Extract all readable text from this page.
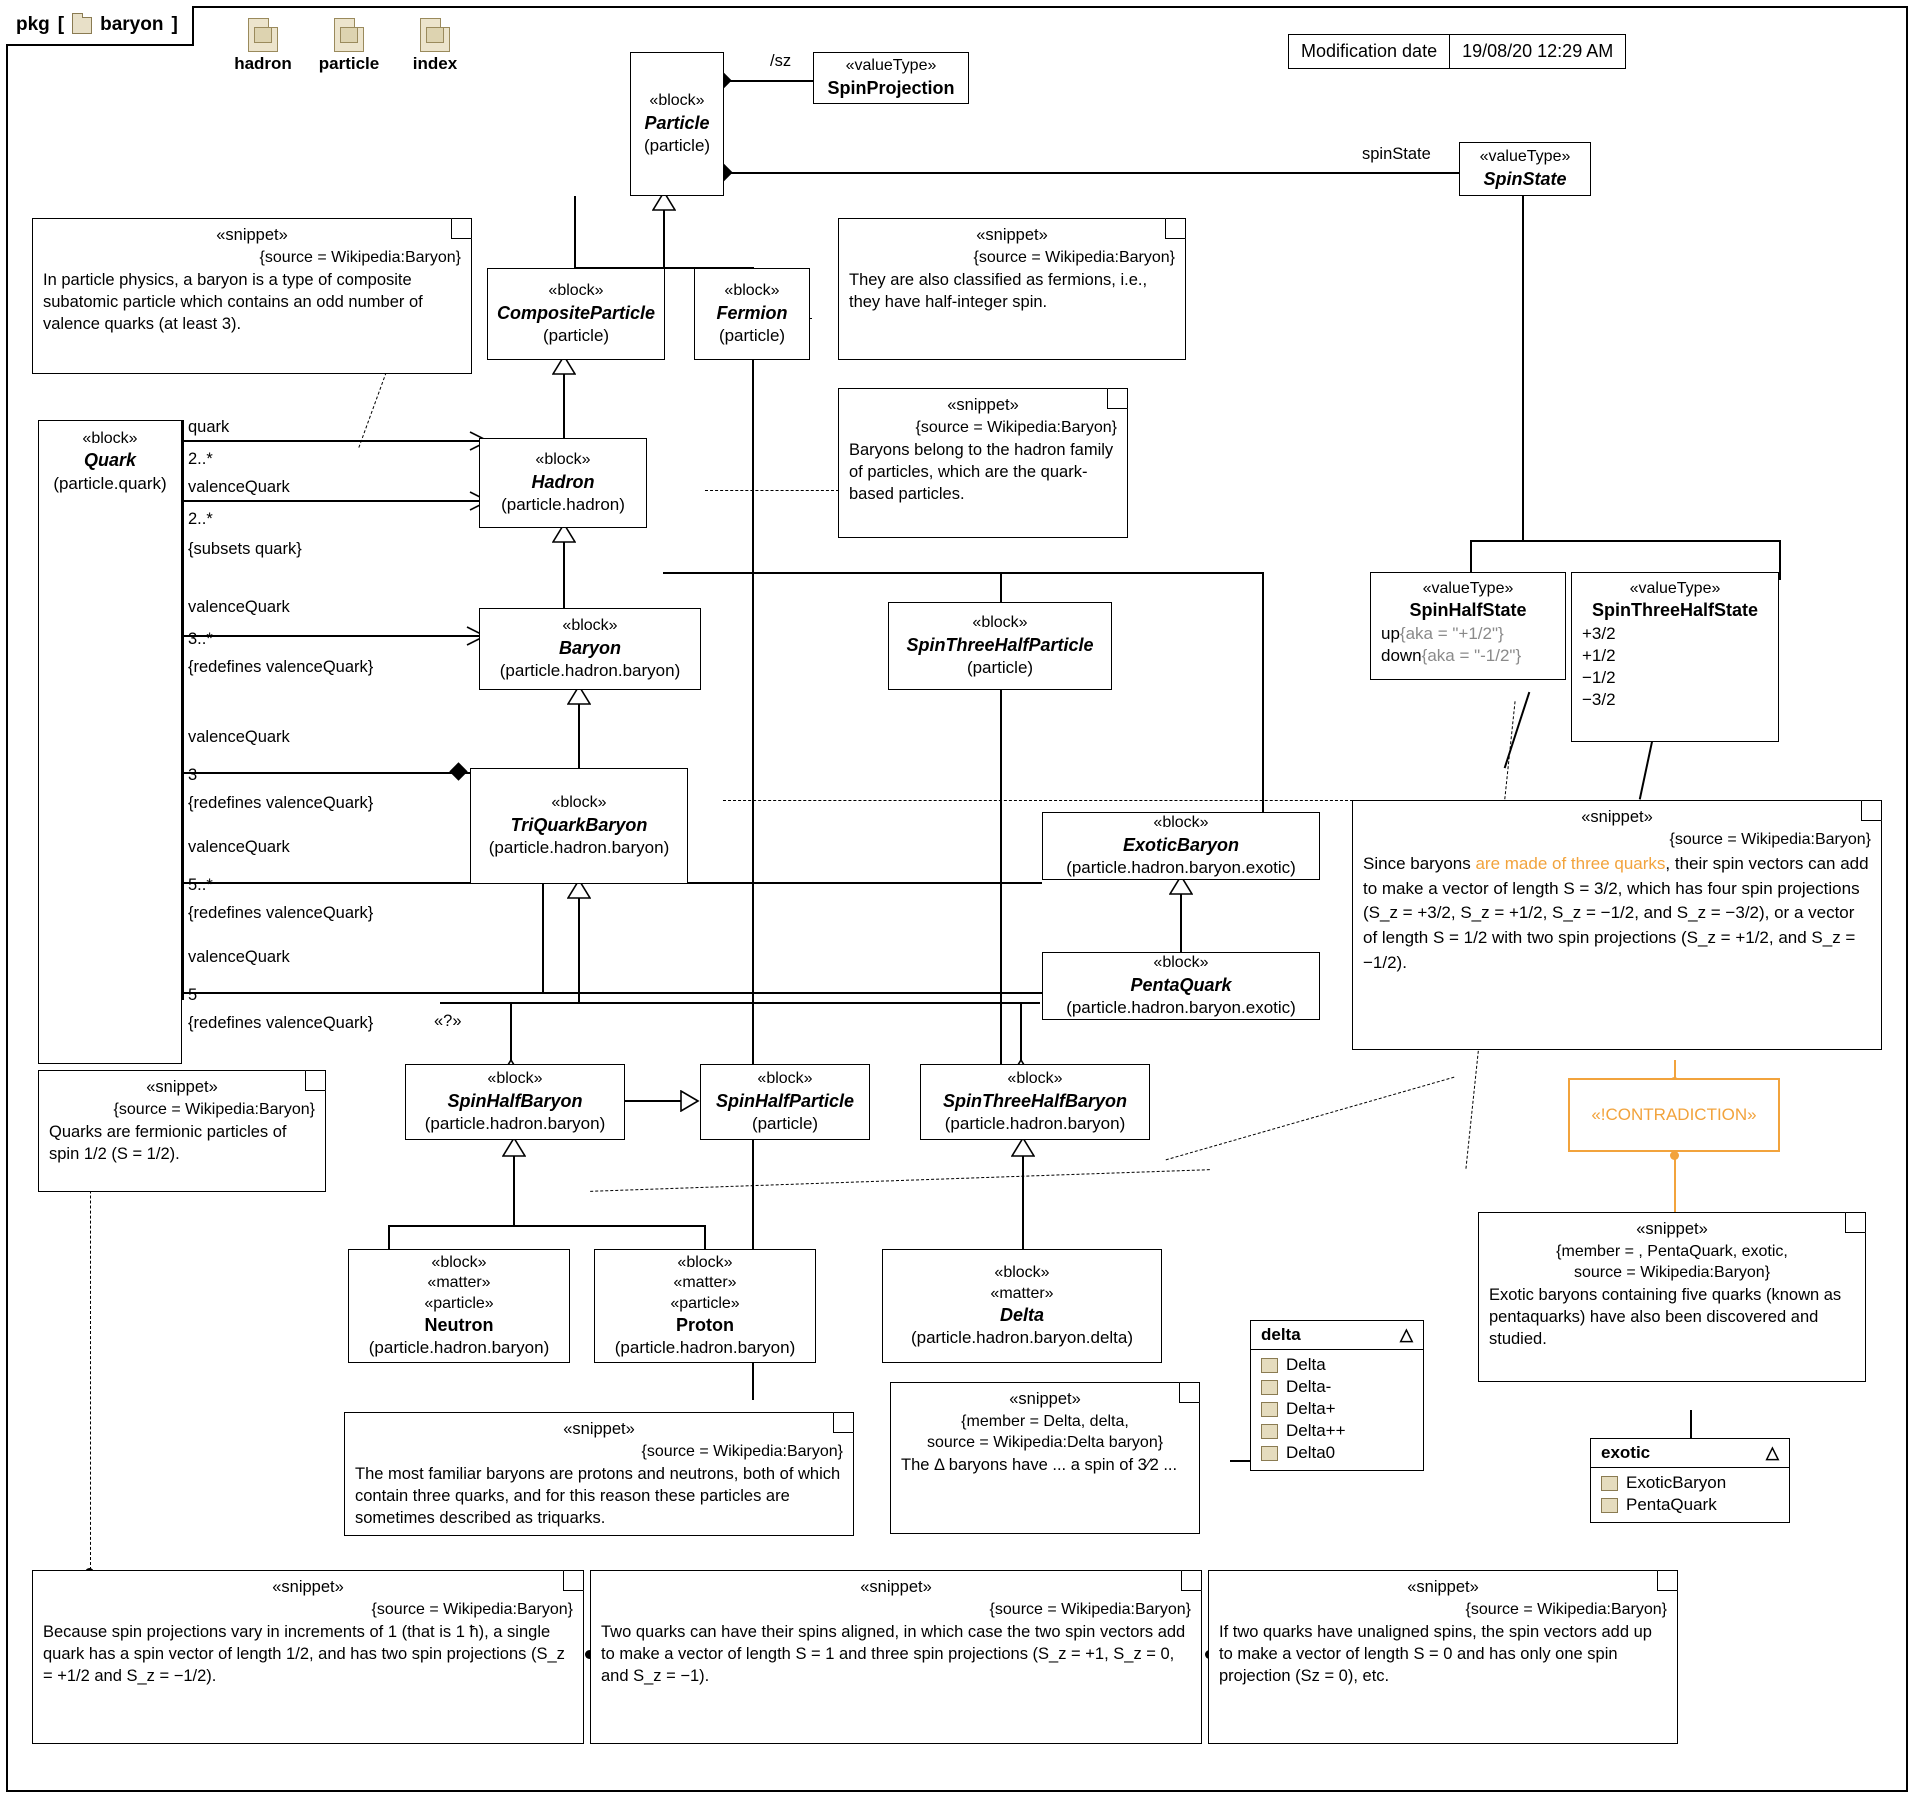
pkg [ baryon ]
hadron	particle	index
Modification date	19/08/20 12:29 AM
/sz
spinState
«block»
Particle
(particle)
«valueType»
SpinProjection
«valueType»
SpinState
«block»
CompositeParticle
(particle)
«block»
Fermion
(particle)
«block»
Quark
(particle.quark)
«block»
Hadron
(particle.hadron)
«block»
Baryon
(particle.hadron.baryon)
«block»
SpinThreeHalfParticle
(particle)
«block»
TriQuarkBaryon
(particle.hadron.baryon)
«block»
ExoticBaryon
(particle.hadron.baryon.exotic)
«block»
PentaQuark
(particle.hadron.baryon.exotic)
«block»
SpinHalfBaryon
(particle.hadron.baryon)
«block»
SpinHalfParticle
(particle)
«block»
SpinThreeHalfBaryon
(particle.hadron.baryon)
«block»
«matter»
«particle»
Neutron
(particle.hadron.baryon)
«block»
«matter»
«particle»
Proton
(particle.hadron.baryon)
«block»
«matter»
Delta
(particle.hadron.baryon.delta)
«valueType»
SpinHalfState
up{aka = "+1/2"}
down{aka = "-1/2"}
«valueType»
SpinThreeHalfState
+3/2
+1/2
−1/2
−3/2
quark
2..*
valenceQuark
2..*
{subsets quark}
valenceQuark
3..*
{redefines valenceQuark}
valenceQuark
3
{redefines valenceQuark}
valenceQuark
5..*
{redefines valenceQuark}
valenceQuark
5
{redefines valenceQuark}	«?»
«snippet»
{source = Wikipedia:Baryon}
In particle physics, a baryon is a type of composite subatomic particle which contains an odd number of valence quarks (at least 3).
«snippet»
{source = Wikipedia:Baryon}
They are also classified as fermions, i.e., they have half-integer spin.
«snippet»
{source = Wikipedia:Baryon}
Baryons belong to the hadron family of particles, which are the quark-based particles.
«snippet»
{source = Wikipedia:Baryon}
Quarks are fermionic particles of spin 1/2 (S = 1/2).
«snippet»
{source = Wikipedia:Baryon}
Since baryons are made of three quarks, their spin vectors can add to make a vector of length S = 3/2, which has four spin projections (S_z = +3/2, S_z = +1/2, S_z = −1/2, and S_z = −3/2), or a vector of length S = 1/2 with two spin projections (S_z = +1/2, and S_z = −1/2).
«!CONTRADICTION»
«snippet»
{member = , PentaQuark, exotic,
source = Wikipedia:Baryon}
Exotic baryons containing five quarks (known as pentaquarks) have also been discovered and studied.
«snippet»
{source = Wikipedia:Baryon}
The most familiar baryons are protons and neutrons, both of which contain three quarks, and for this reason these particles are sometimes described as triquarks.
«snippet»
{member = Delta, delta,
source = Wikipedia:Delta baryon}
The Δ baryons have ... a spin of 3⁄2 ...
«snippet»
{source = Wikipedia:Baryon}
Because spin projections vary in increments of 1 (that is 1 ћ), a single quark has a spin vector of length 1/2, and has two spin projections (S_z = +1/2 and S_z = −1/2).
«snippet»
{source = Wikipedia:Baryon}
Two quarks can have their spins aligned, in which case the two spin vectors add to make a vector of length S = 1 and three spin projections (S_z = +1, S_z = 0, and S_z = −1).
«snippet»
{source = Wikipedia:Baryon}
If two quarks have unaligned spins, the spin vectors add up to make a vector of length S = 0 and has only one spin projection (Sz = 0), etc.
delta	△
Delta
Delta-
Delta+
Delta++
Delta0	exotic	△
ExoticBaryon
PentaQuark
